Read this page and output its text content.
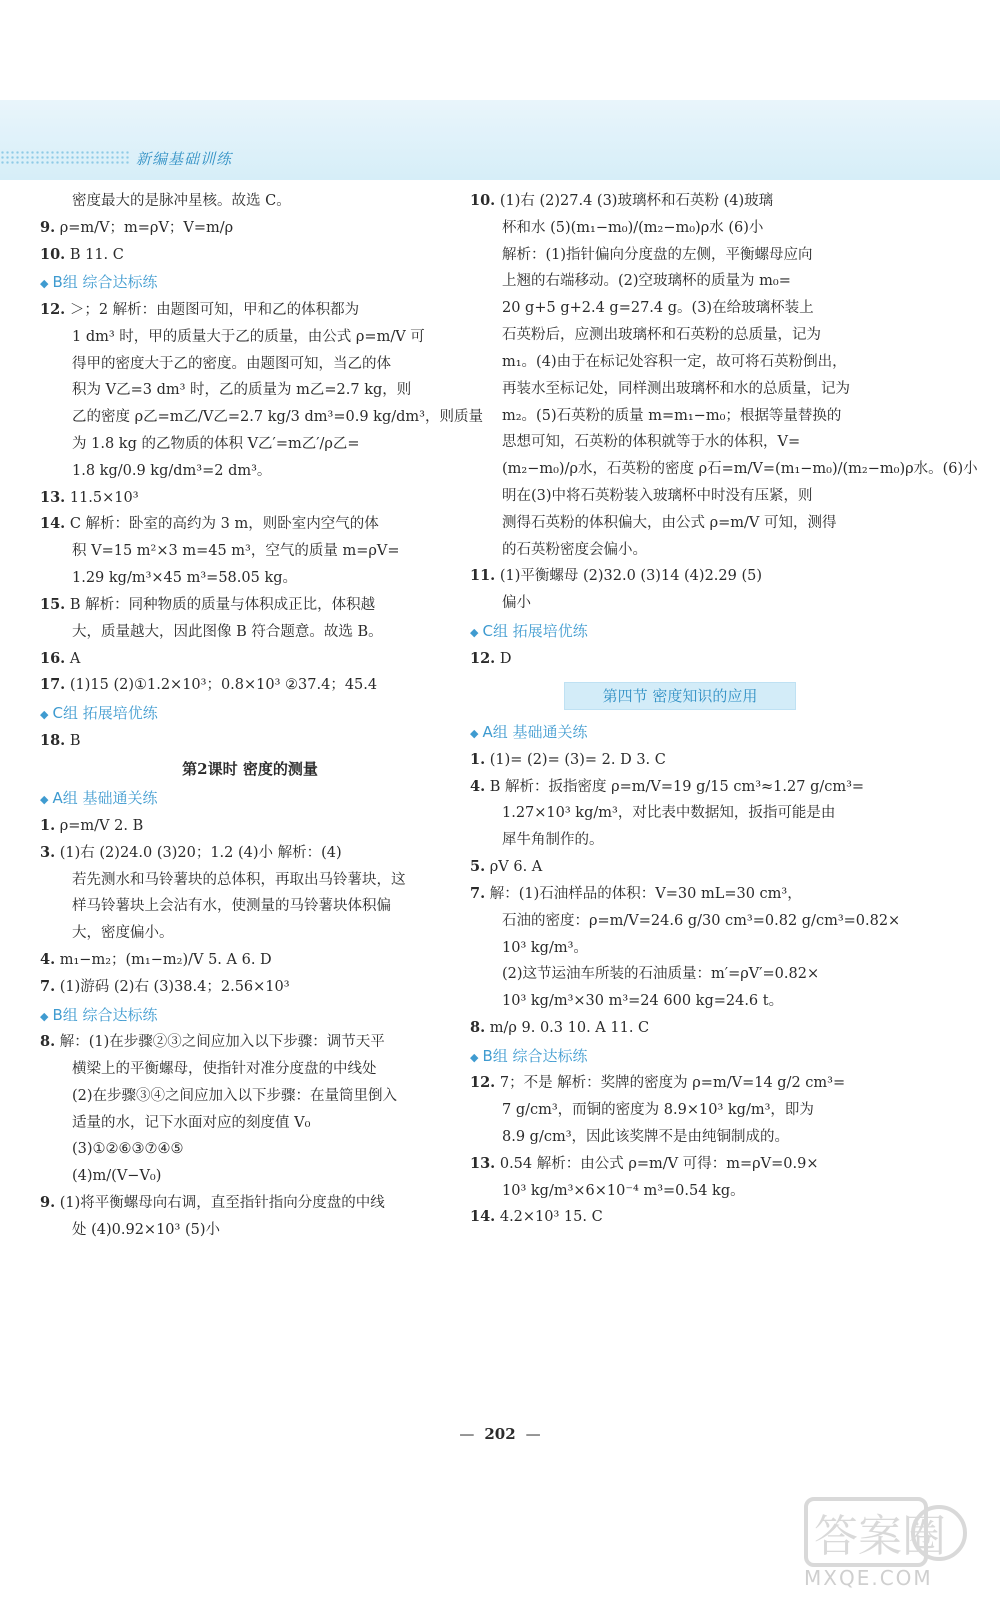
新编基础训练
密度最大的是脉冲星核。故选 C。
9. ρ=m/V；m=ρV；V=m/ρ
10. B 11. C
◆ B组 综合达标练
12. ＞；2 解析：由题图可知，甲和乙的体积都为
1 dm³ 时，甲的质量大于乙的质量，由公式 ρ=m/V 可
得甲的密度大于乙的密度。由题图可知，当乙的体
积为 V乙=3 dm³ 时，乙的质量为 m乙=2.7 kg，则
乙的密度 ρ乙=m乙/V乙=2.7 kg/3 dm³=0.9 kg/dm³，则质量
为 1.8 kg 的乙物质的体积 V乙′=m乙′/ρ乙=
1.8 kg/0.9 kg/dm³=2 dm³。
13. 11.5×10³
14. C 解析：卧室的高约为 3 m，则卧室内空气的体
积 V=15 m²×3 m=45 m³，空气的质量 m=ρV=
1.29 kg/m³×45 m³=58.05 kg。
15. B 解析：同种物质的质量与体积成正比，体积越
大，质量越大，因此图像 B 符合题意。故选 B。
16. A
17. (1)15 (2)①1.2×10³；0.8×10³ ②37.4；45.4
◆ C组 拓展培优练
18. B
第2课时 密度的测量
◆ A组 基础通关练
1. ρ=m/V 2. B
3. (1)右 (2)24.0 (3)20；1.2 (4)小 解析：(4)
若先测水和马铃薯块的总体积，再取出马铃薯块，这
样马铃薯块上会沾有水，使测量的马铃薯块体积偏
大，密度偏小。
4. m₁−m₂；(m₁−m₂)/V 5. A 6. D
7. (1)游码 (2)右 (3)38.4；2.56×10³
◆ B组 综合达标练
8. 解：(1)在步骤②③之间应加入以下步骤：调节天平
横梁上的平衡螺母，使指针对准分度盘的中线处
(2)在步骤③④之间应加入以下步骤：在量筒里倒入
适量的水，记下水面对应的刻度值 V₀
(3)①②⑥③⑦④⑤
(4)m/(V−V₀)
9. (1)将平衡螺母向右调，直至指针指向分度盘的中线
处 (4)0.92×10³ (5)小
10. (1)右 (2)27.4 (3)玻璃杯和石英粉 (4)玻璃
杯和水 (5)(m₁−m₀)/(m₂−m₀)ρ水 (6)小
解析：(1)指针偏向分度盘的左侧，平衡螺母应向
上翘的右端移动。(2)空玻璃杯的质量为 m₀=
20 g+5 g+2.4 g=27.4 g。(3)在给玻璃杯装上
石英粉后，应测出玻璃杯和石英粉的总质量，记为
m₁。(4)由于在标记处容积一定，故可将石英粉倒出，
再装水至标记处，同样测出玻璃杯和水的总质量，记为
m₂。(5)石英粉的质量 m=m₁−m₀；根据等量替换的
思想可知，石英粉的体积就等于水的体积，V=
(m₂−m₀)/ρ水，石英粉的密度 ρ石=m/V=(m₁−m₀)/(m₂−m₀)ρ水。(6)小
明在(3)中将石英粉装入玻璃杯中时没有压紧，则
测得石英粉的体积偏大，由公式 ρ=m/V 可知，测得
的石英粉密度会偏小。
11. (1)平衡螺母 (2)32.0 (3)14 (4)2.29 (5)
偏小
◆ C组 拓展培优练
12. D
第四节 密度知识的应用
◆ A组 基础通关练
1. (1)= (2)= (3)= 2. D 3. C
4. B 解析：扳指密度 ρ=m/V=19 g/15 cm³≈1.27 g/cm³=
1.27×10³ kg/m³，对比表中数据知，扳指可能是由
犀牛角制作的。
5. ρV 6. A
7. 解：(1)石油样品的体积：V=30 mL=30 cm³，
石油的密度：ρ=m/V=24.6 g/30 cm³=0.82 g/cm³=0.82×
10³ kg/m³。
(2)这节运油车所装的石油质量：m′=ρV′=0.82×
10³ kg/m³×30 m³=24 600 kg=24.6 t。
8. m/ρ 9. 0.3 10. A 11. C
◆ B组 综合达标练
12. 7；不是 解析：奖牌的密度为 ρ=m/V=14 g/2 cm³=
7 g/cm³，而铜的密度为 8.9×10³ kg/m³，即为
8.9 g/cm³，因此该奖牌不是由纯铜制成的。
13. 0.54 解析：由公式 ρ=m/V 可得：m=ρV=0.9×
10³ kg/m³×6×10⁻⁴ m³=0.54 kg。
14. 4.2×10³ 15. C
— 202 —
答案圈
MXQE.COM
